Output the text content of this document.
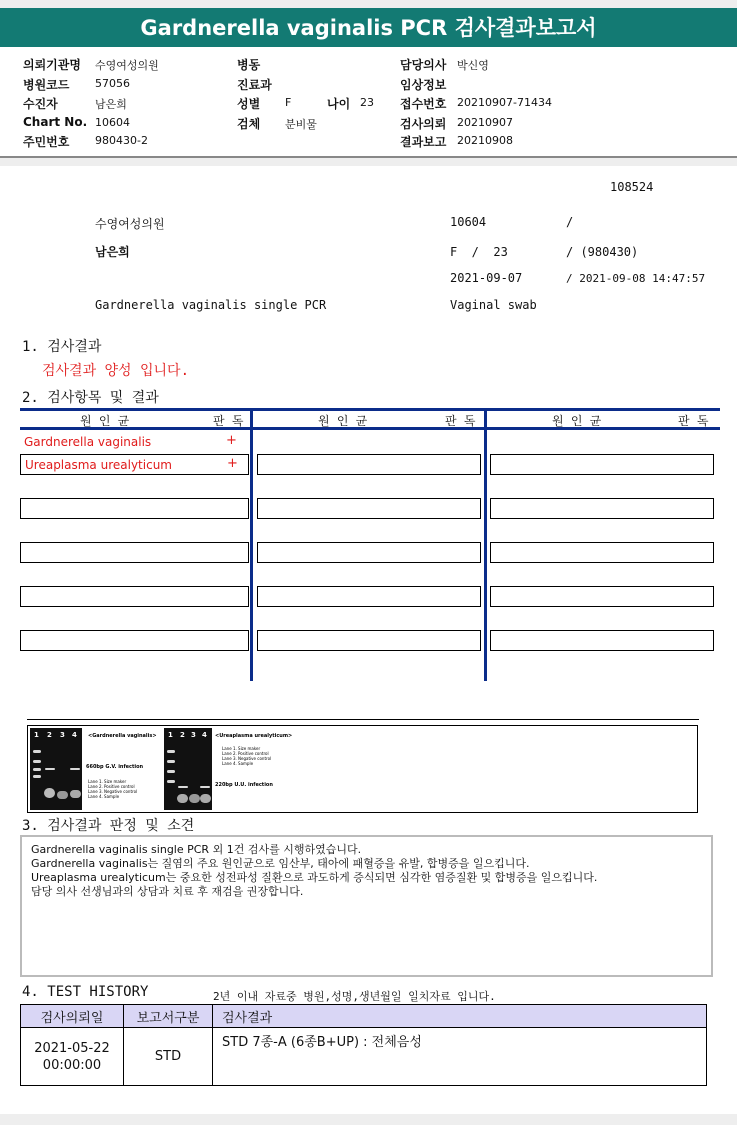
Gardnerella vaginalis PCR 검사결과보고서
의뢰기관명 수영여성의원
병원코드 57056
수진자	남은희
Chart No. 10604
주민번호 980430-2
병동
진료과
성별 F	나이 23
검체 분비물
담당의사 박신영
임상정보
접수번호 20210907-71434
검사의뢰 20210907
결과보고 20210908
108524
수영여성의원	10604	/
남은희	F  /  23	/ (980430)
2021-09-07	/ 2021-09-08 14:47:57
Gardnerella vaginalis single PCR	Vaginal swab
1. 검사결과
검사결과 양성 입니다.
2. 검사항목 및 결과
원 인 균	판 독	원 인 균	판 독	원 인 균	판 독
Gardnerella vaginalis	+
Ureaplasma urealyticum	+
1 2 3 4 <Gardnerella vaginalis>
660bp G.V. infection
Lane 1. Size maker
Lane 2. Positive control
Lane 3. Negative control
Lane 4. Sample
1 2 3 4 <Ureaplasma urealyticum>
Lane 1. Size maker
Lane 2. Positive control
Lane 3. Negative control
Lane 4. Sample
220bp U.U. infection
3. 검사결과 판정 및 소견
Gardnerella vaginalis single PCR 외 1건 검사를 시행하였습니다.
Gardnerella vaginalis는 질염의 주요 원인균으로 임산부, 태아에 패혈증을 유발, 합병증을 일으킵니다.
Ureaplasma urealyticum는 중요한 성전파성 질환으로 과도하게 증식되면 심각한 염증질환 및 합병증을 일으킵니다.
담당 의사 선생님과의 상담과 치료 후 재검을 권장합니다.
4. TEST HISTORY	2년 이내 자료중 병원,성명,생년월일 일치자료 입니다.
검사의뢰일	보고서구분	검사결과

2021-05-22
00:00:00	STD	STD 7종-A (6종B+UP) : 전체음성
